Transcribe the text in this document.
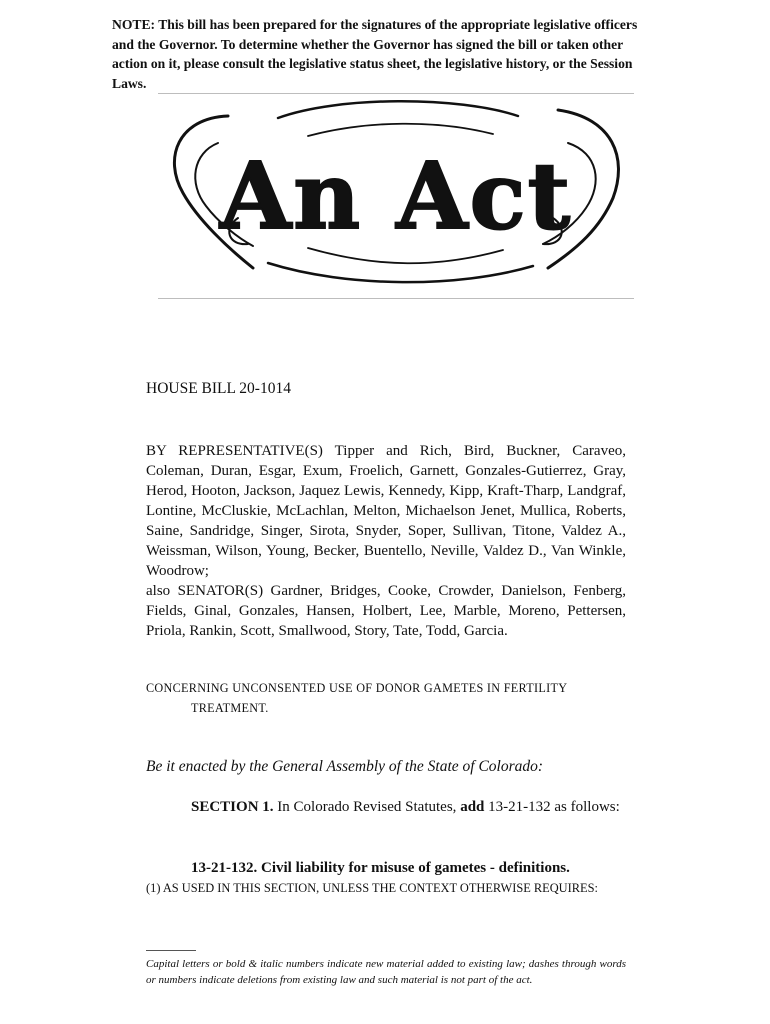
NOTE: This bill has been prepared for the signatures of the appropriate legislative officers and the Governor. To determine whether the Governor has signed the bill or taken other action on it, please consult the legislative status sheet, the legislative history, or the Session Laws.
An Act
HOUSE BILL 20-1014

BY REPRESENTATIVE(S) Tipper and Rich, Bird, Buckner, Caraveo, Coleman, Duran, Esgar, Exum, Froelich, Garnett, Gonzales-Gutierrez, Gray, Herod, Hooton, Jackson, Jaquez Lewis, Kennedy, Kipp, Kraft-Tharp, Landgraf, Lontine, McCluskie, McLachlan, Melton, Michaelson Jenet, Mullica, Roberts, Saine, Sandridge, Singer, Sirota, Snyder, Soper, Sullivan, Titone, Valdez A., Weissman, Wilson, Young, Becker, Buentello, Neville, Valdez D., Van Winkle, Woodrow;

also SENATOR(S) Gardner, Bridges, Cooke, Crowder, Danielson, Fenberg, Fields, Ginal, Gonzales, Hansen, Holbert, Lee, Marble, Moreno, Pettersen, Priola, Rankin, Scott, Smallwood, Story, Tate, Todd, Garcia.

CONCERNING UNCONSENTED USE OF DONOR GAMETES IN FERTILITY
TREATMENT.
Be it enacted by the General Assembly of the State of Colorado:
SECTION 1. In Colorado Revised Statutes, add 13-21-132 as follows:
13-21-132. Civil liability for misuse of gametes - definitions.
(1) AS USED IN THIS SECTION, UNLESS THE CONTEXT OTHERWISE REQUIRES:
Capital letters or bold & italic numbers indicate new material added to existing law; dashes through words or numbers indicate deletions from existing law and such material is not part of the act.
